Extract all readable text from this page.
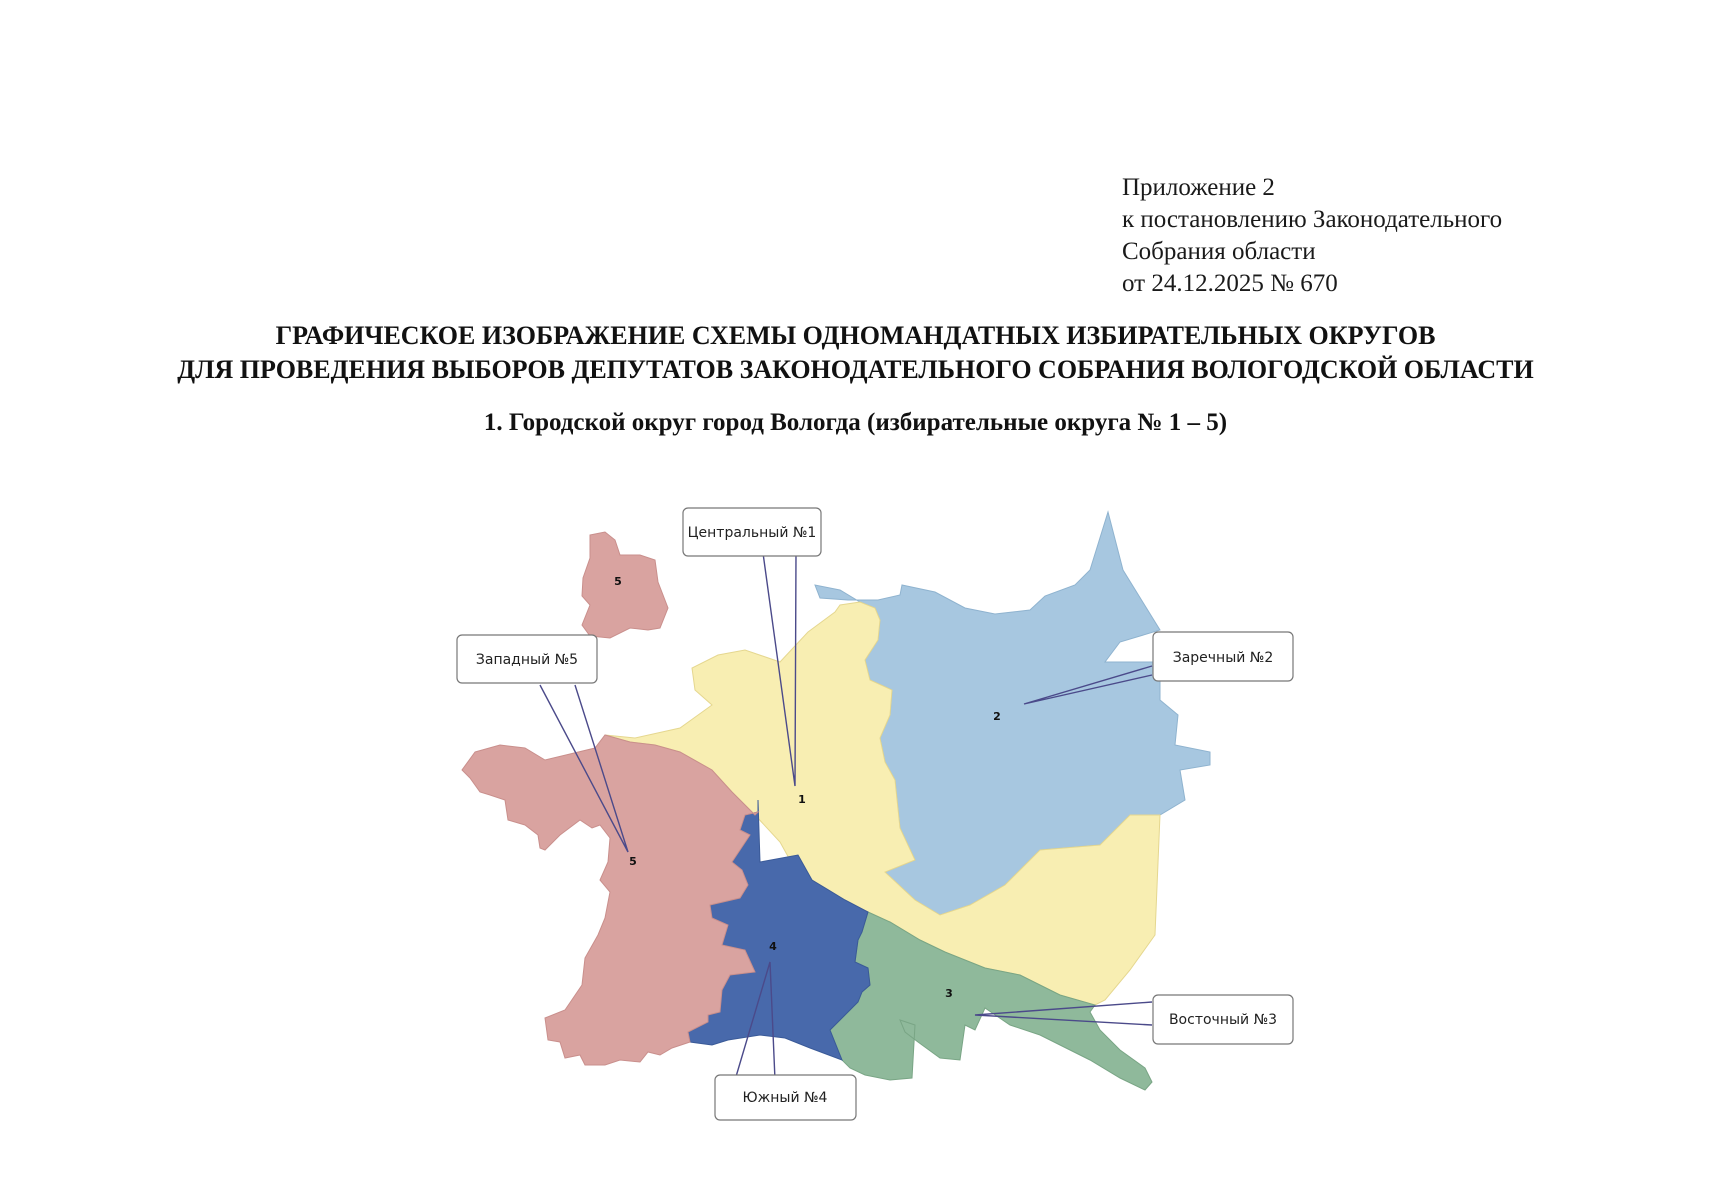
Приложение 2
к постановлению Законодательного
Собрания области
от 24.12.2025 № 670
ГРАФИЧЕСКОЕ ИЗОБРАЖЕНИЕ СХЕМЫ ОДНОМАНДАТНЫХ ИЗБИРАТЕЛЬНЫХ ОКРУГОВ
ДЛЯ ПРОВЕДЕНИЯ ВЫБОРОВ ДЕПУТАТОВ ЗАКОНОДАТЕЛЬНОГО СОБРАНИЯ ВОЛОГОДСКОЙ ОБЛАСТИ
1. Городской округ город Вологда (избирательные округа № 1 – 5)
Центральный №1
Заречный №2
Восточный №3
Южный №4
Западный №5
1
2
3
4
5
5
